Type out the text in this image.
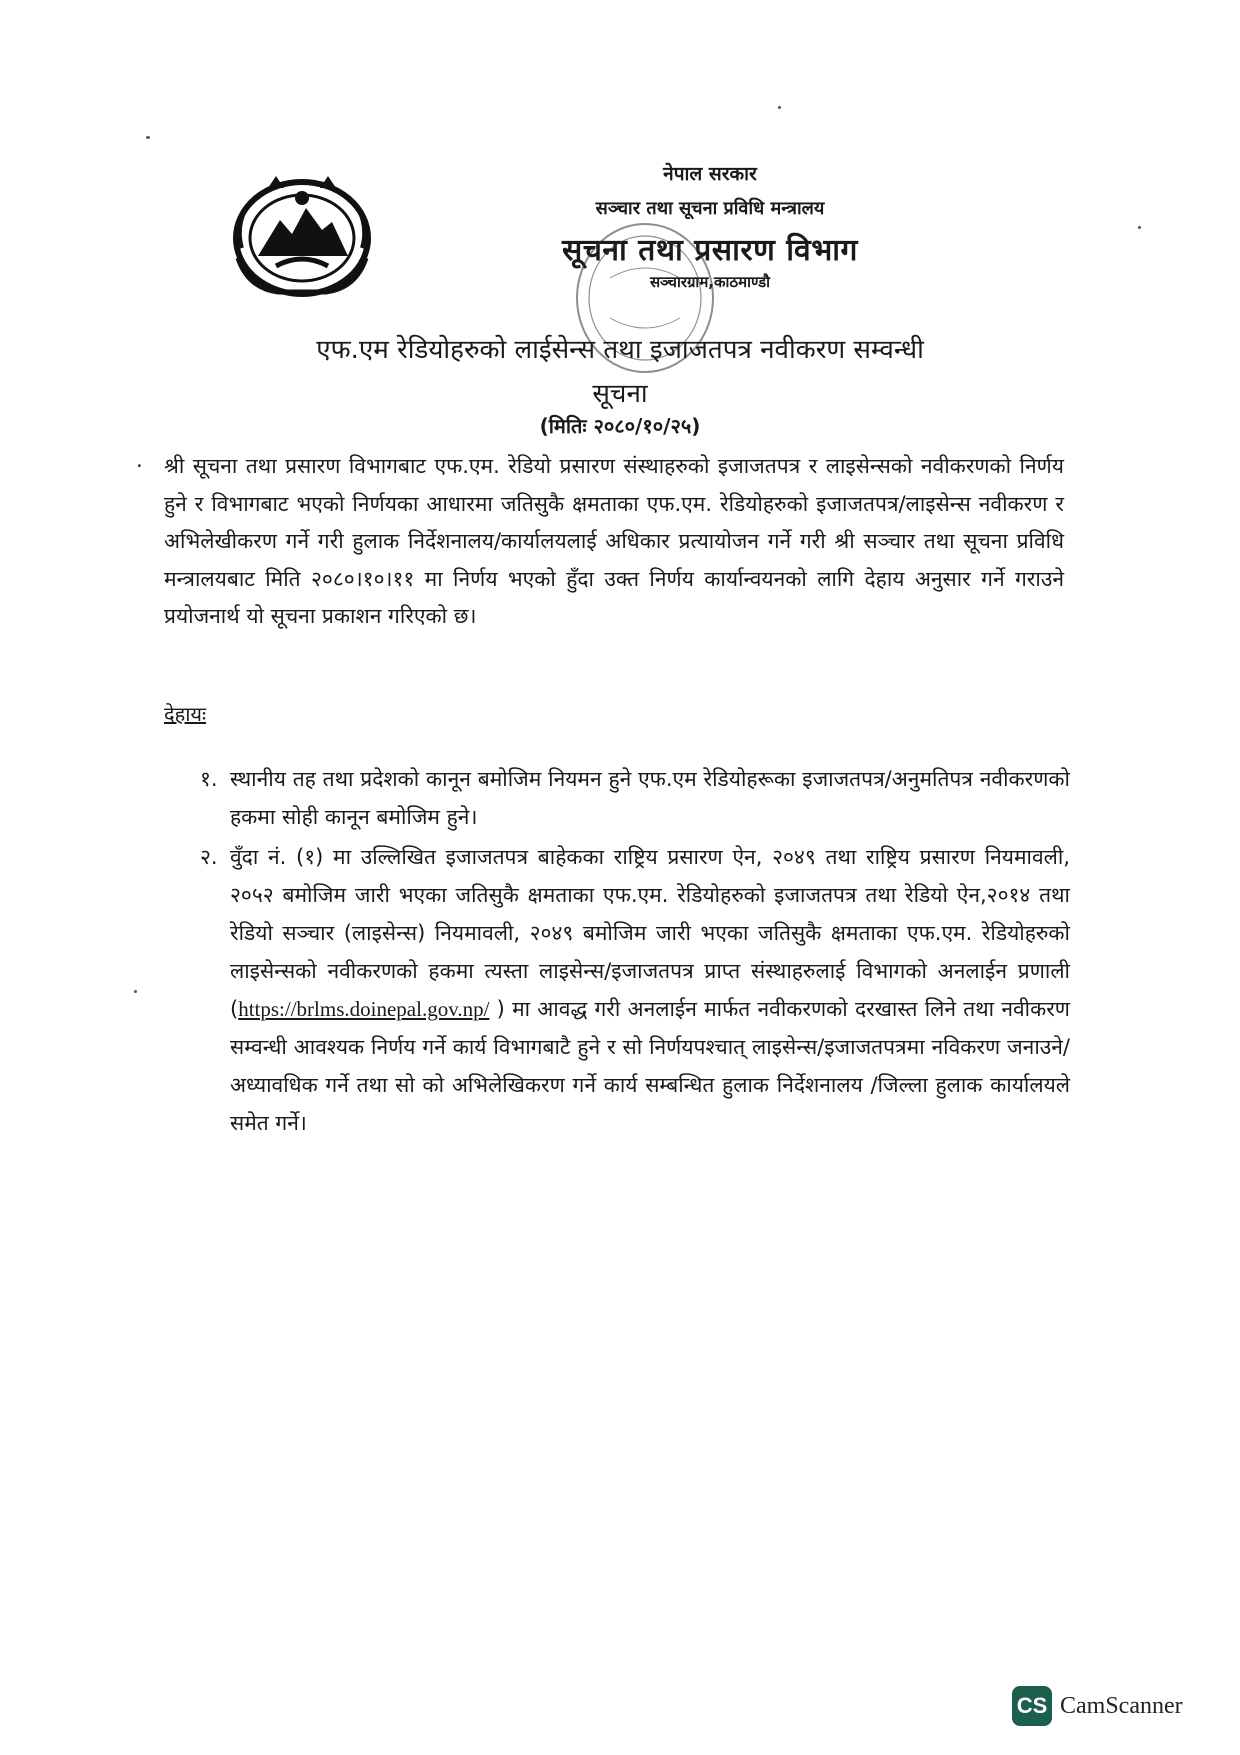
नेपाल सरकार
सञ्चार तथा सूचना प्रविधि मन्त्रालय
सूचना तथा प्रसारण विभाग
सञ्चारग्राम,काठमाण्डौ
एफ.एम रेडियोहरुको लाईसेन्स तथा इजाजतपत्र नवीकरण सम्वन्धी
सूचना
(मितिः २०८०/१०/२५)
. श्री सूचना तथा प्रसारण विभागबाट एफ.एम. रेडियो प्रसारण संस्थाहरुको इजाजतपत्र र लाइसेन्सको नवीकरणको निर्णय हुने र विभागबाट भएको निर्णयका आधारमा जतिसुकै क्षमताका एफ.एम. रेडियोहरुको इजाजतपत्र/लाइसेन्स नवीकरण र अभिलेखीकरण गर्ने गरी हुलाक निर्देशनालय/कार्यालयलाई अधिकार प्रत्यायोजन गर्ने गरी श्री सञ्चार तथा सूचना प्रविधि मन्त्रालयबाट मिति २०८०।१०।११ मा निर्णय भएको हुँदा उक्त निर्णय कार्यान्वयनको लागि देहाय अनुसार गर्ने गराउने प्रयोजनार्थ यो सूचना प्रकाशन गरिएको छ।
देहायः
१. स्थानीय तह तथा प्रदेशको कानून बमोजिम नियमन हुने एफ.एम रेडियोहरूका इजाजतपत्र/अनुमतिपत्र नवीकरणको हकमा सोही कानून बमोजिम हुने।
२. वुँदा नं. (१) मा उल्लिखित इजाजतपत्र बाहेकका राष्ट्रिय प्रसारण ऐन, २०४९ तथा राष्ट्रिय प्रसारण नियमावली, २०५२ बमोजिम जारी भएका जतिसुकै क्षमताका एफ.एम. रेडियोहरुको इजाजतपत्र तथा रेडियो ऐन,२०१४ तथा रेडियो सञ्चार (लाइसेन्स) नियमावली, २०४९ बमोजिम जारी भएका जतिसुकै क्षमताका एफ.एम. रेडियोहरुको लाइसेन्सको नवीकरणको हकमा त्यस्ता लाइसेन्स/इजाजतपत्र प्राप्त संस्थाहरुलाई विभागको अनलाईन प्रणाली (https://brlms.doinepal.gov.np/ ) मा आवद्ध गरी अनलाईन मार्फत नवीकरणको दरखास्त लिने तथा नवीकरण सम्वन्धी आवश्यक निर्णय गर्ने कार्य विभागबाटै हुने र सो निर्णयपश्चात् लाइसेन्स/इजाजतपत्रमा नविकरण जनाउने/अध्यावधिक गर्ने तथा सो को अभिलेखिकरण गर्ने कार्य सम्बन्धित हुलाक निर्देशनालय /जिल्ला हुलाक कार्यालयले समेत गर्ने।
CS CamScanner
